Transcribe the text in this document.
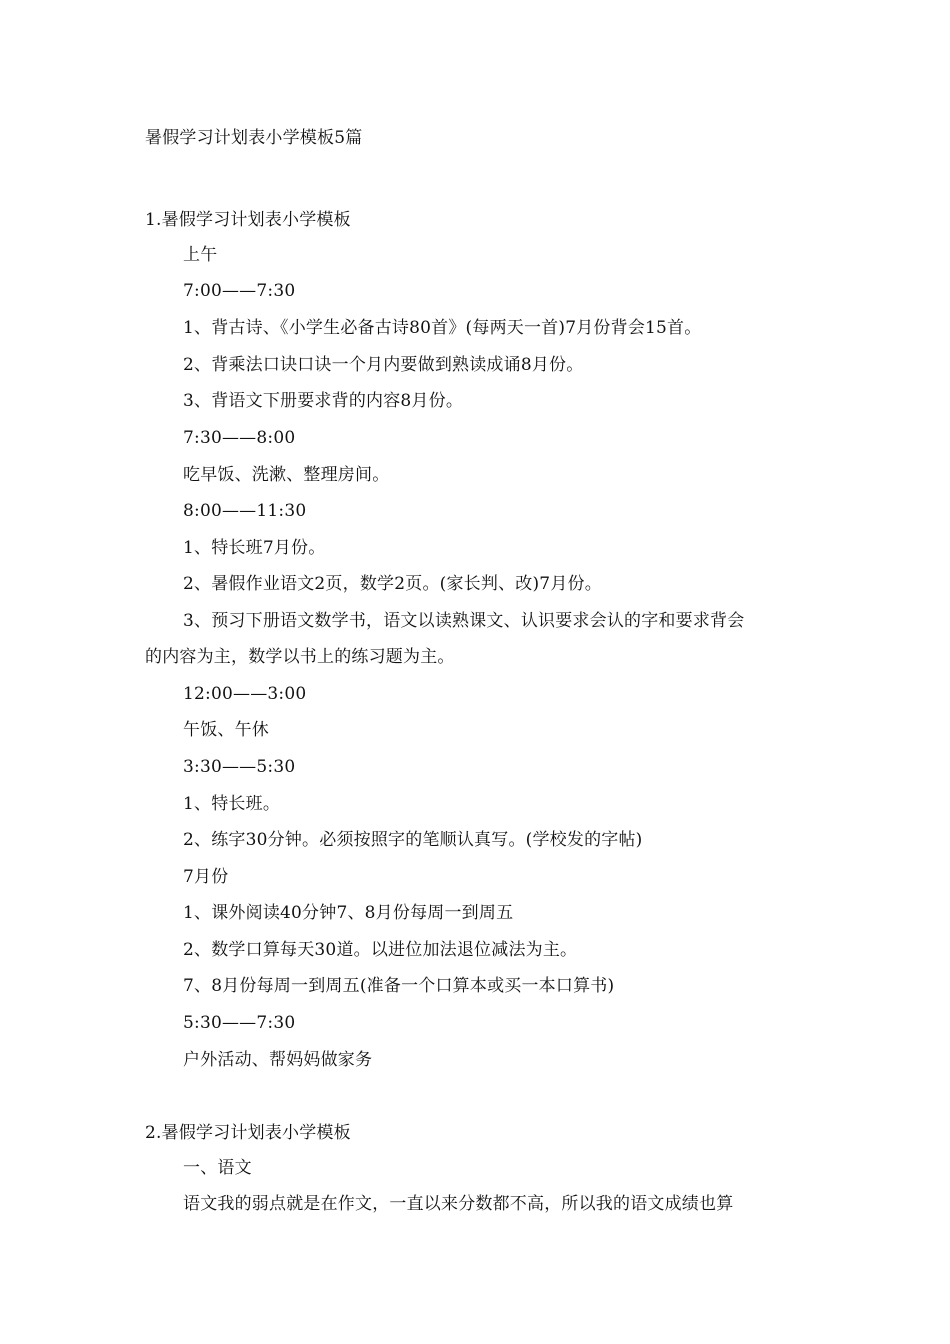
暑假学习计划表小学模板5篇
1.暑假学习计划表小学模板
上午
7:00——7:30
1、背古诗、《小学生必备古诗80首》(每两天一首)7月份背会15首。
2、背乘法口诀口诀一个月内要做到熟读成诵8月份。
3、背语文下册要求背的内容8月份。
7:30——8:00
吃早饭、洗漱、整理房间。
8:00——11:30
1、特长班7月份。
2、暑假作业语文2页，数学2页。(家长判、改)7月份。
3、预习下册语文数学书，语文以读熟课文、认识要求会认的字和要求背会
的内容为主，数学以书上的练习题为主。
12:00——3:00
午饭、午休
3:30——5:30
1、特长班。
2、练字30分钟。必须按照字的笔顺认真写。(学校发的字帖)
7月份
1、课外阅读40分钟7、8月份每周一到周五
2、数学口算每天30道。以进位加法退位减法为主。
7、8月份每周一到周五(准备一个口算本或买一本口算书)
5:30——7:30
户外活动、帮妈妈做家务
2.暑假学习计划表小学模板
一、语文
语文我的弱点就是在作文，一直以来分数都不高，所以我的语文成绩也算
